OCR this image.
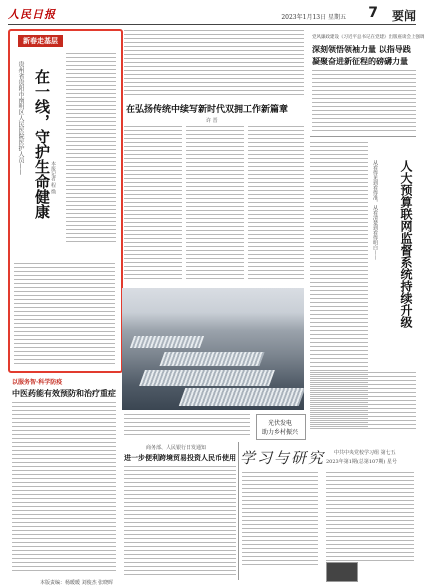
人民日报	2023年1月13日 星期五 7 要闻
新春走基层
贵州省贵阳市南明区人民医院医护人员—— 在一线，守护生命健康 本报记者 程 焕
在弘扬传统中续写新时代双拥工作新篇章
许 晋
光伏发电
助力乡村振兴
党风廉政建设《习近平总书记在党建》出版座谈会上强调
深刻领悟领袖力量 以指导践
凝聚奋进新征程的磅礴力量
从看得见到看得准，从看清楚到看得明白——	人大预算联网监督系统持续升级
以服务智·科学防疫
中医药能有效预防和治疗重症
商务部、人民银行日发通知
进一步便利跨境贸易投资人民币使用 学习与研究 中共中央党校学习组 第七五
2023年第1期(总第107期) 星号
本版责编：杨暖暖 刘俊杰 张晓晖
